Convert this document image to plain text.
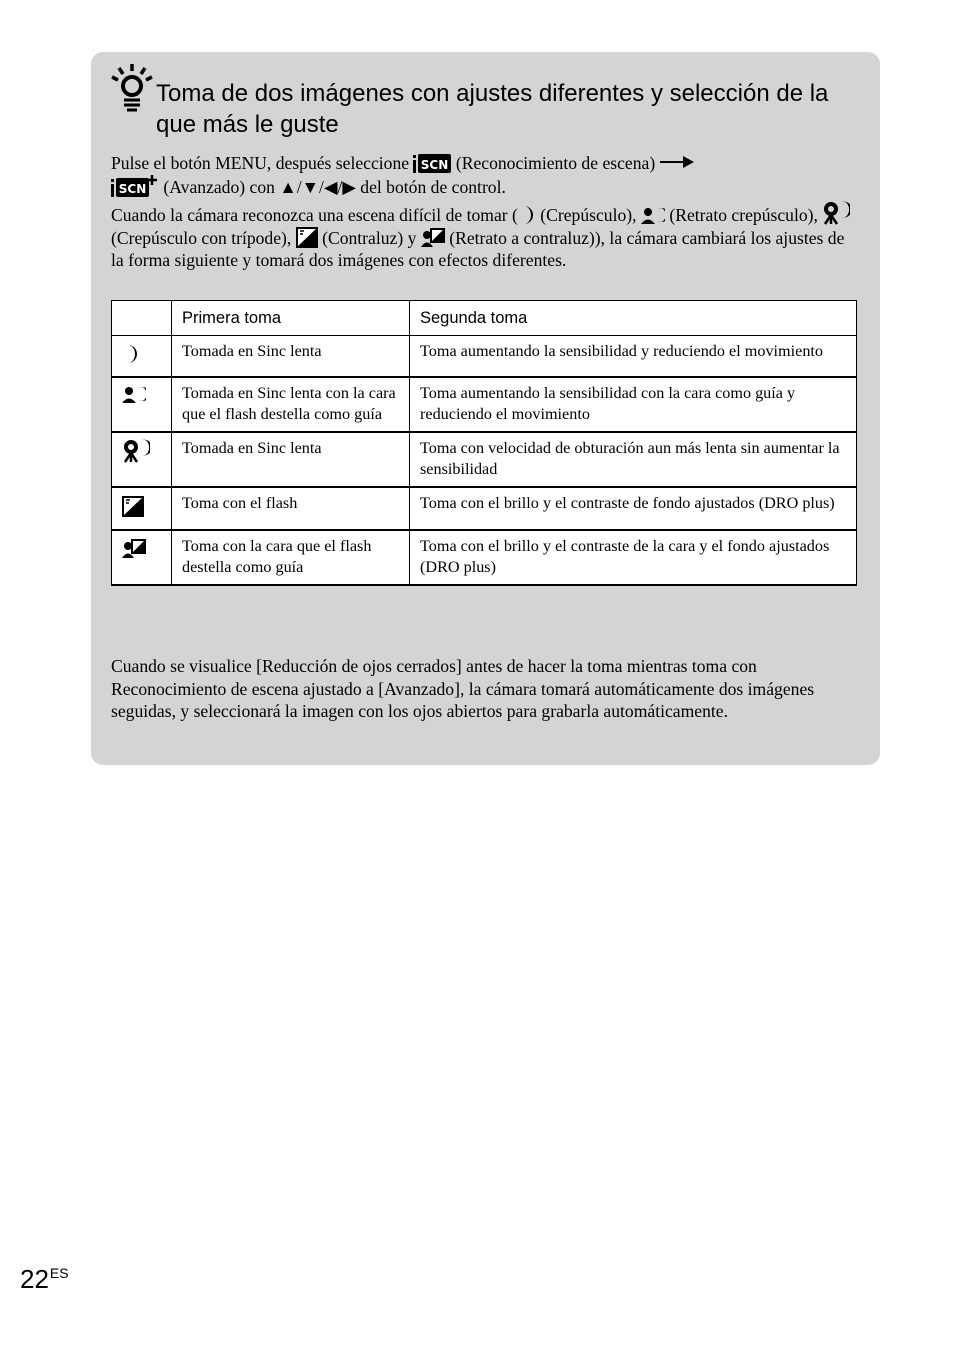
Toma de dos imágenes con ajustes diferentes y selección de la que más le guste
Pulse el botón MENU, después seleccione SCN (Reconocimiento de escena)

SCN (Avanzado) con ▲/▼/◀/▶ del botón de control.
Cuando la cámara reconozca una escena difícil de tomar ( (Crepúsculo), (Retrato crepúsculo),  (Crepúsculo con trípode), (Contraluz) y (Retrato a contraluz)), la cámara cambiará los ajustes de la forma siguiente y tomará dos imágenes con efectos diferentes.
	Primera toma	Segunda toma
	Tomada en Sinc lenta	Toma aumentando la sensibilidad y reduciendo el movimiento
	Tomada en Sinc lenta con la cara que el flash destella como guía	Toma aumentando la sensibilidad con la cara como guía y reduciendo el movimiento
	Tomada en Sinc lenta	Toma con velocidad de obturación aun más lenta sin aumentar la sensibilidad
	Toma con el flash	Toma con el brillo y el contraste de fondo ajustados (DRO plus)
	Toma con la cara que el flash destella como guía	Toma con el brillo y el contraste de la cara y el fondo ajustados (DRO plus)
Cuando se visualice [Reducción de ojos cerrados] antes de hacer la toma mientras toma con Reconocimiento de escena ajustado a [Avanzado], la cámara tomará automáticamente dos imágenes seguidas, y seleccionará la imagen con los ojos abiertos para grabarla automáticamente.
$22^{ES}$
